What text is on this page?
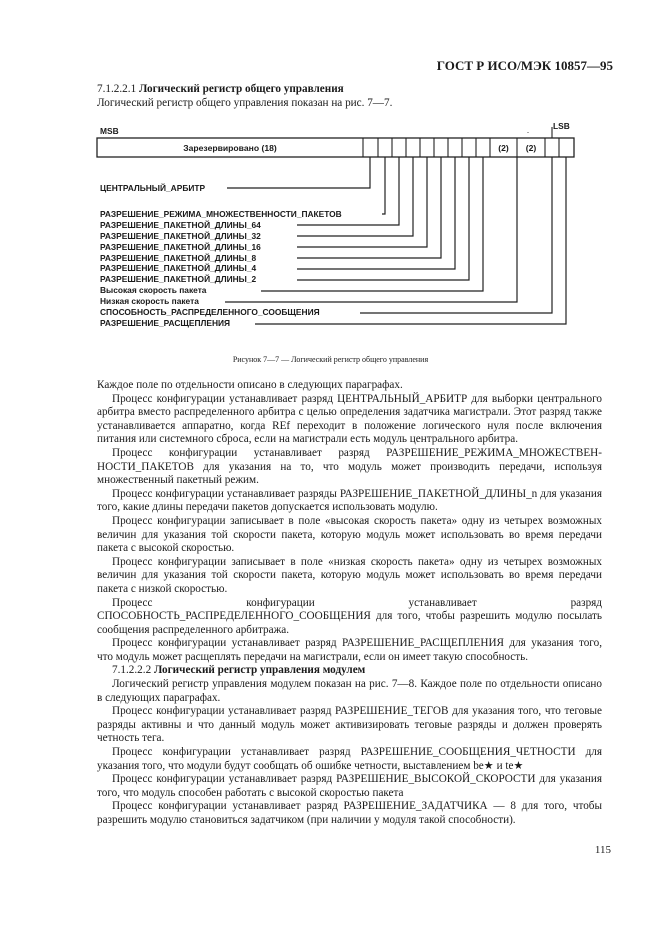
ГОСТ Р ИСО/МЭК 10857—95
7.1.2.2.1 Логический регистр общего управления
Логический регистр общего управления показан на рис. 7—7.
MSB	LSB
.
Зарезервировано (18)	(2)	(2)
ЦЕНТРАЛЬНЫЙ_АРБИТР
РАЗРЕШЕНИЕ_РЕЖИМА_МНОЖЕСТВЕННОСТИ_ПАКЕТОВ
РАЗРЕШЕНИЕ_ПАКЕТНОЙ_ДЛИНЫ_64
РАЗРЕШЕНИЕ_ПАКЕТНОЙ_ДЛИНЫ_32
РАЗРЕШЕНИЕ_ПАКЕТНОЙ_ДЛИНЫ_16
РАЗРЕШЕНИЕ_ПАКЕТНОЙ_ДЛИНЫ_8
РАЗРЕШЕНИЕ_ПАКЕТНОЙ_ДЛИНЫ_4
РАЗРЕШЕНИЕ_ПАКЕТНОЙ_ДЛИНЫ_2
Высокая скорость пакета
Низкая скорость пакета
СПОСОБНОСТЬ_РАСПРЕДЕЛЕННОГО_СООБЩЕНИЯ
РАЗРЕШЕНИЕ_РАСЩЕПЛЕНИЯ
Рисунок 7—7 — Логический регистр общего управления
Каждое поле по отдельности описано в следующих параграфах.
Процесс конфигурации устанавливает разряд ЦЕНТРАЛЬНЫЙ_АРБИТР для выборки центрального арбитра вместо распределенного арбитра с целью определения задатчика магистрали. Этот разряд также устанавливается аппаратно, когда REf переходит в положение логического нуля после включения питания или системного сброса, если на магистрали есть модуль центрального арбитра.
Процесс конфигурации устанавливает разряд РАЗРЕШЕНИЕ_РЕЖИМА_МНОЖЕСТВЕН-НОСТИ_ПАКЕТОВ для указания на то, что модуль может производить передачи, используя множественный пакетный режим.
Процесс конфигурации устанавливает разряды РАЗРЕШЕНИЕ_ПАКЕТНОЙ_ДЛИНЫ_n для указания того, какие длины передачи пакетов допускается использовать модулю.
Процесс конфигурации записывает в поле «высокая скорость пакета» одну из четырех возможных величин для указания той скорости пакета, которую модуль может использовать во время передачи пакета с высокой скоростью.
Процесс конфигурации записывает в поле «низкая скорость пакета» одну из четырех возможных величин для указания той скорости пакета, которую модуль может использовать во время передачи пакета с низкой скоростью.
Процесс конфигурации устанавливает разряд СПОСОБНОСТЬ_РАСПРЕДЕЛЕННОГО_СООБЩЕНИЯ для того, чтобы разрешить модулю посылать сообщения распределенного арбитража.
Процесс конфигурации устанавливает разряд РАЗРЕШЕНИЕ_РАСЩЕПЛЕНИЯ для указания того, что модуль может расщеплять передачи на магистрали, если он имеет такую способность.
7.1.2.2.2 Логический регистр управления модулем
Логический регистр управления модулем показан на рис. 7—8. Каждое поле по отдельности описано в следующих параграфах.
Процесс конфигурации устанавливает разряд РАЗРЕШЕНИЕ_ТЕГОВ для указания того, что теговые разряды активны и что данный модуль может активизировать теговые разряды и должен проверять четность тега.
Процесс конфигурации устанавливает разряд РАЗРЕШЕНИЕ_СООБЩЕНИЯ_ЧЕТНОСТИ для указания того, что модули будут сообщать об ошибке четности, выставлением be★ и te★
Процесс конфигурации устанавливает разряд РАЗРЕШЕНИЕ_ВЫСОКОЙ_СКОРОСТИ для указания того, что модуль способен работать с высокой скоростью пакета
Процесс конфигурации устанавливает разряд РАЗРЕШЕНИЕ_ЗАДАТЧИКА — 8 для того, чтобы разрешить модулю становиться задатчиком (при наличии у модуля такой способности).
115
